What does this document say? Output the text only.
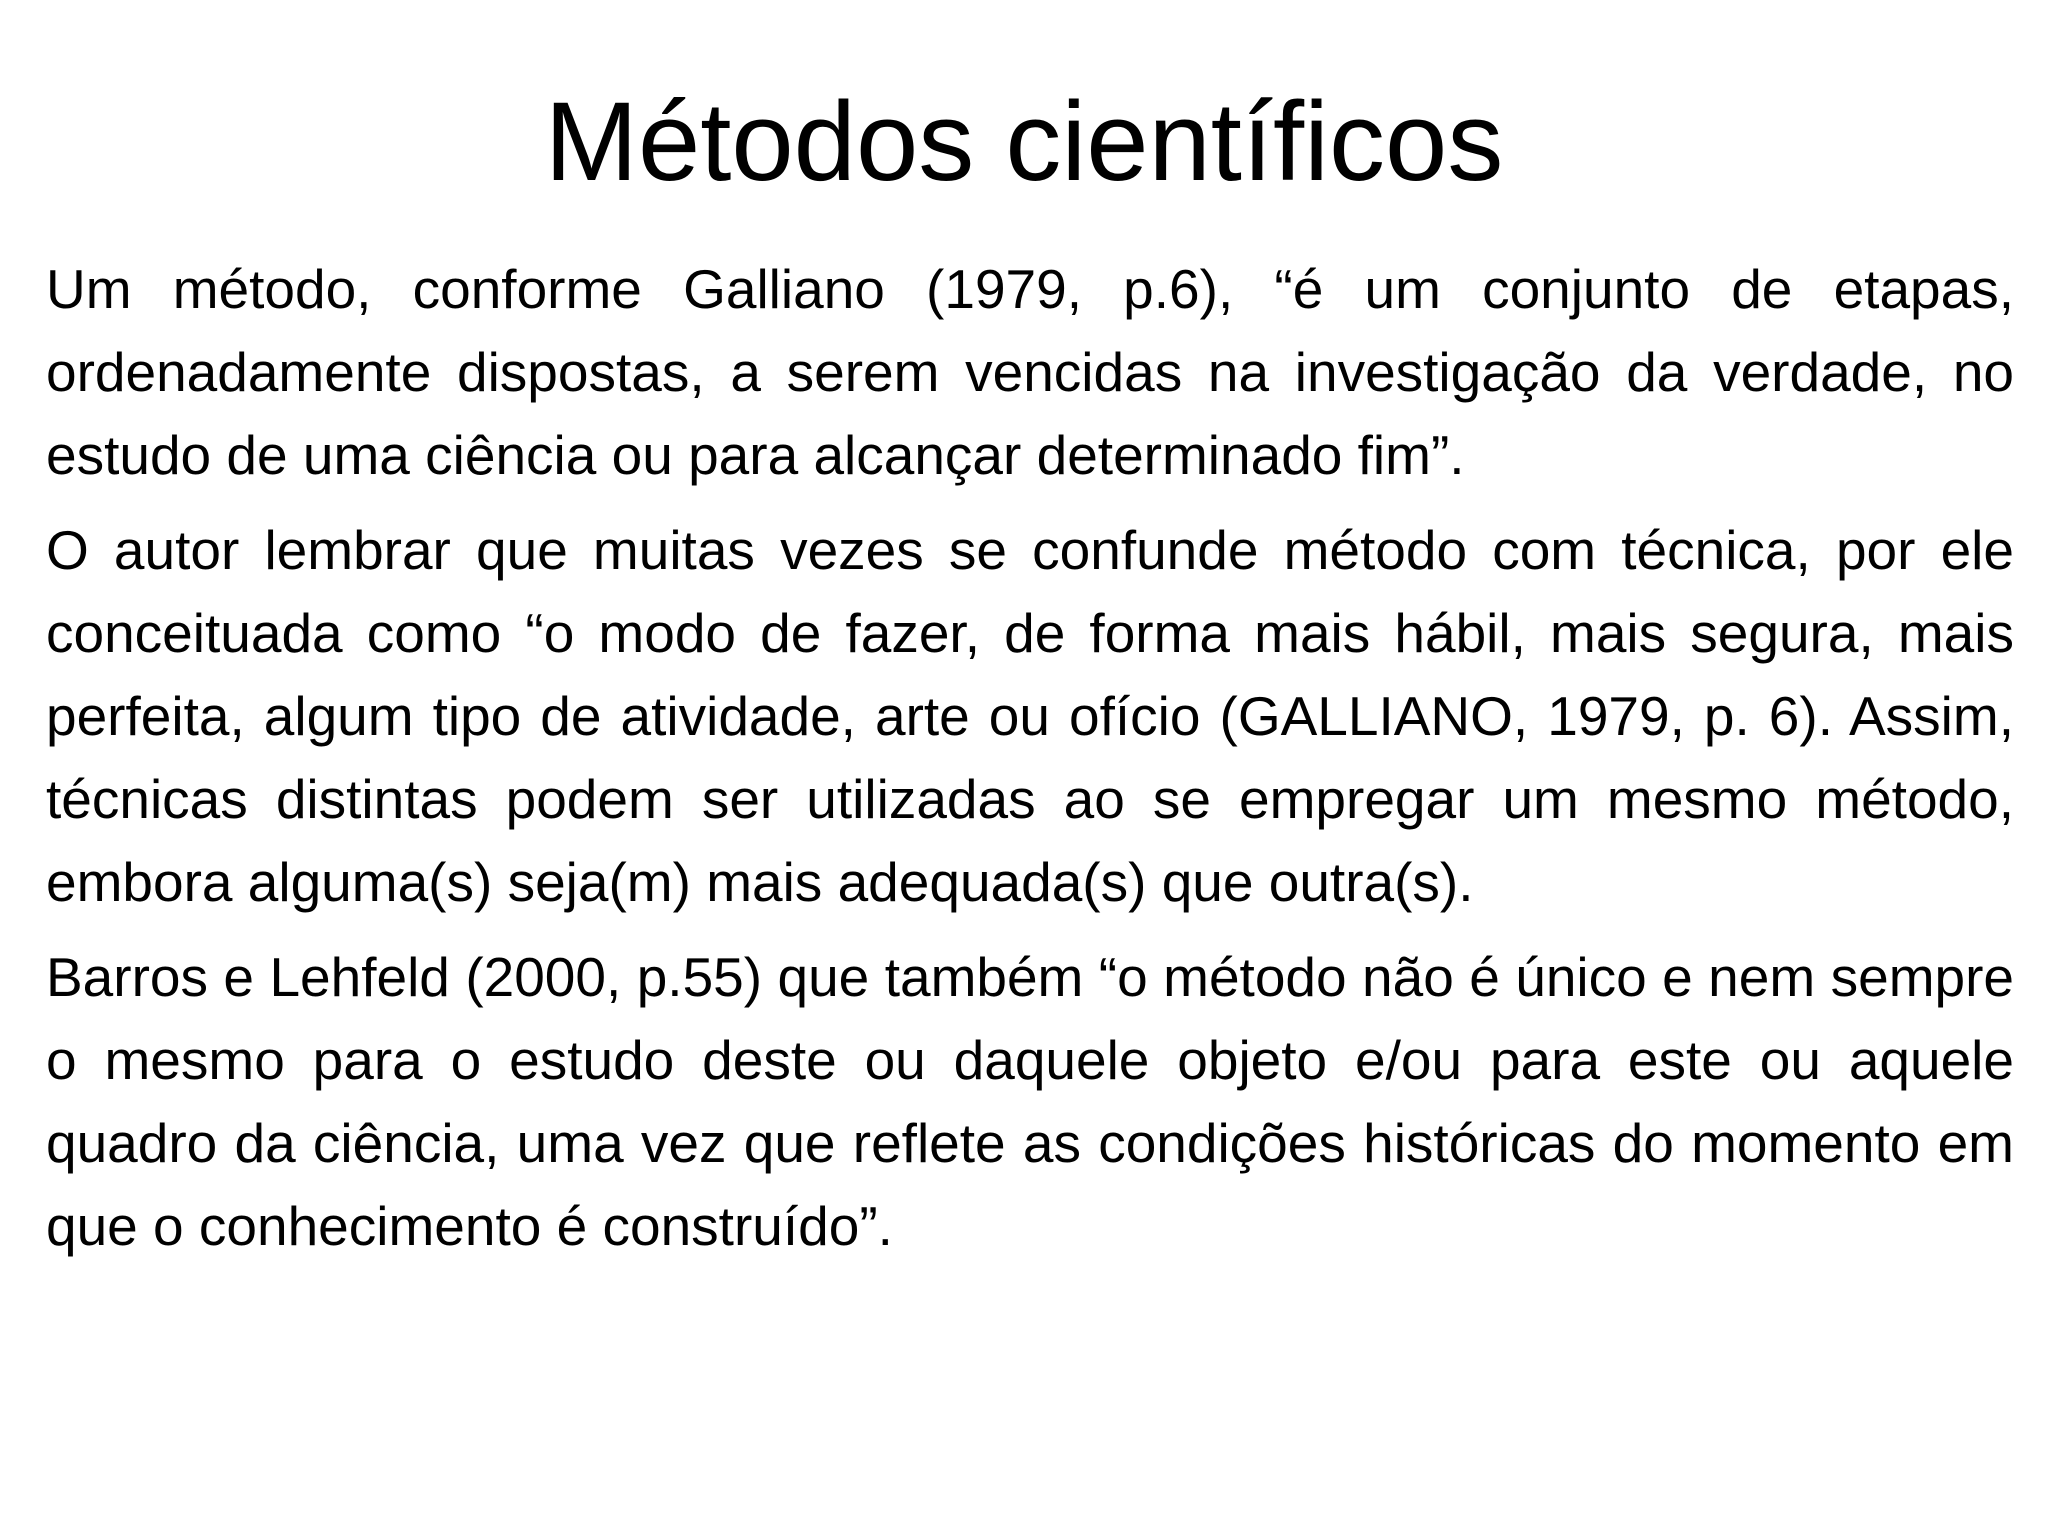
Métodos científicos

Um método, conforme Galliano (1979, p.6), “é um conjunto de etapas, ordenadamente dispostas, a serem vencidas na investigação da verdade, no estudo de uma ciência ou para alcançar determinado fim”.

O autor lembrar que muitas vezes se confunde método com técnica, por ele conceituada como “o modo de fazer, de forma mais hábil, mais segura, mais perfeita, algum tipo de atividade, arte ou ofício (GALLIANO, 1979, p. 6). Assim, técnicas distintas podem ser utilizadas ao se empregar um mesmo método, embora alguma(s) seja(m) mais adequada(s) que outra(s).

Barros e Lehfeld (2000, p.55) que também “o método não é único e nem sempre o mesmo para o estudo deste ou daquele objeto e/ou para este ou aquele quadro da ciência, uma vez que reflete as condições históricas do momento em que o conhecimento é construído”.
